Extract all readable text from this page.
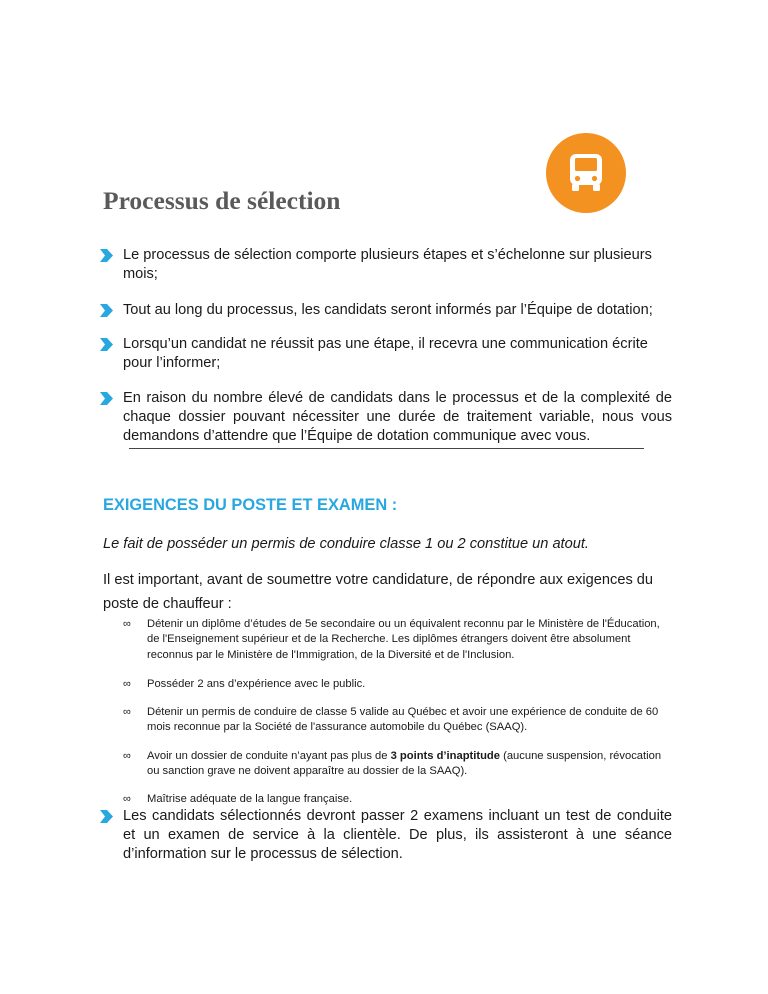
Processus de sélection
Le processus de sélection comporte plusieurs étapes et s’échelonne sur plusieurs mois;
Tout au long du processus, les candidats seront informés par l’Équipe de dotation;
Lorsqu’un candidat ne réussit pas une étape, il recevra une communication écrite pour l’informer;
En raison du nombre élevé de candidats dans le processus et de la complexité de chaque dossier pouvant nécessiter une durée de traitement variable, nous vous demandons d’attendre que l’Équipe de dotation communique avec vous.
EXIGENCES DU POSTE ET EXAMEN :

Le fait de posséder un permis de conduire classe 1 ou 2 constitue un atout.

Il est important, avant de soumettre votre candidature, de répondre aux exigences du poste de chauffeur :

∞ Détenir un diplôme d’études de 5e secondaire ou un équivalent reconnu par le Ministère de l'Éducation, de l'Enseignement supérieur et de la Recherche. Les diplômes étrangers doivent être absolument reconnus par le Ministère de l'Immigration, de la Diversité et de l'Inclusion.
∞ Posséder 2 ans d’expérience avec le public.
∞ Détenir un permis de conduire de classe 5 valide au Québec et avoir une expérience de conduite de 60 mois reconnue par la Société de l'assurance automobile du Québec (SAAQ).
∞ Avoir un dossier de conduite n’ayant pas plus de 3 points d’inaptitude (aucune suspension, révocation ou sanction grave ne doivent apparaître au dossier de la SAAQ).
∞ Maîtrise adéquate de la langue française.
Les candidats sélectionnés devront passer 2 examens incluant un test de conduite et un examen de service à la clientèle. De plus, ils assisteront à une séance d’information sur le processus de sélection.
